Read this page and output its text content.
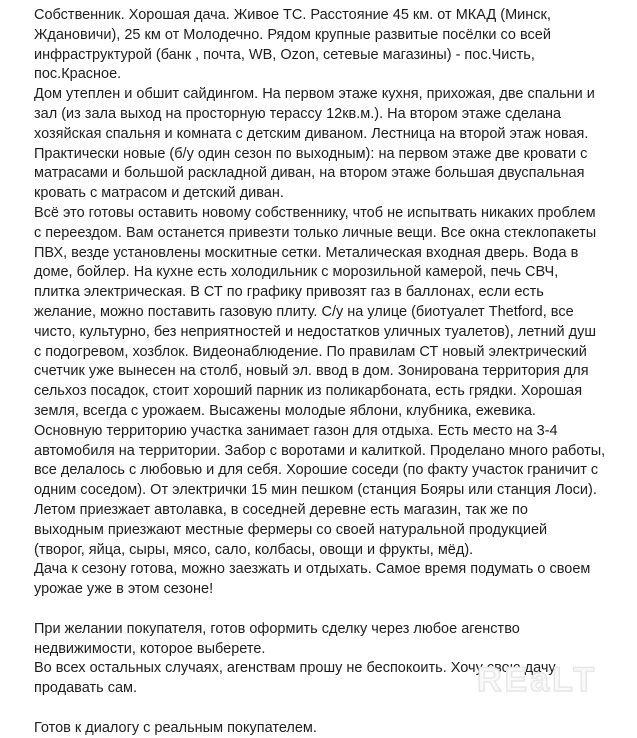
Собственник. Хорошая дача. Живое ТС. Расстояние 45 км. от МКАД (Минск,
Ждановичи), 25 км от Молодечно. Рядом крупные развитые посёлки со всей
инфраструктурой (банк , почта, WB, Ozon, сетевые магазины) - пос.Чисть,
пос.Красное.
Дом утеплен и обшит сайдингом. На первом этаже кухня, прихожая, две спальни и
зал (из зала выход на просторную терассу 12кв.м.). На втором этаже сделана
хозяйская спальня и комната с детским диваном. Лестница на второй этаж новая.
Практически новые (б/у один сезон по выходным): на первом этаже две кровати с
матрасами и большой раскладной диван, на втором этаже большая двуспальная
кровать с матрасом и детский диван.
Всё это готовы оставить новому собственнику, чтоб не испытвать никаких проблем
с переездом. Вам останется привезти только личные вещи. Все окна стеклопакеты
ПВХ, везде установлены москитные сетки. Металическая входная дверь. Вода в
доме, бойлер. На кухне есть холодильник с морозильной камерой, печь СВЧ,
плитка электрическая. В СТ по графику привозят газ в баллонах, если есть
желание, можно поставить газовую плиту. С/у на улице (биотуалет Thetford, все
чисто, культурно, без неприятностей и недостатков уличных туалетов), летний душ
с подогревом, хозблок. Видеонаблюдение. По правилам СТ новый электрический
счетчик уже вынесен на столб, новый эл. ввод в дом. Зонирована территория для
сельхоз посадок, стоит хороший парник из поликарбоната, есть грядки. Хорошая
земля, всегда с урожаем. Высажены молодые яблони, клубника, ежевика.
Основную территорию участка занимает газон для отдыха. Есть место на 3-4
автомобиля на территории. Забор с воротами и калиткой. Проделано много работы,
все делалось с любовью и для себя. Хорошие соседи (по факту участок граничит с
одним соседом). От электрички 15 мин пешком (станция Бояры или станция Лоси).
Летом приезжает автолавка, в соседней деревне есть магазин, так же по
выходным приезжают местные фермеры со своей натуральной продукцией
(творог, яйца, сыры, мясо, сало, колбасы, овощи и фрукты, мёд).
Дача к сезону готова, можно заезжать и отдыхать. Самое время подумать о своем
урожае уже в этом сезоне!

При желании покупателя, готов оформить сделку через любое агенство
недвижимости, которое выберете.
Во всех остальных случаях, агенствам прошу не беспокоить. Хочу свою дачу
продавать сам.

Готов к диалогу с реальным покупателем.
REaLT
